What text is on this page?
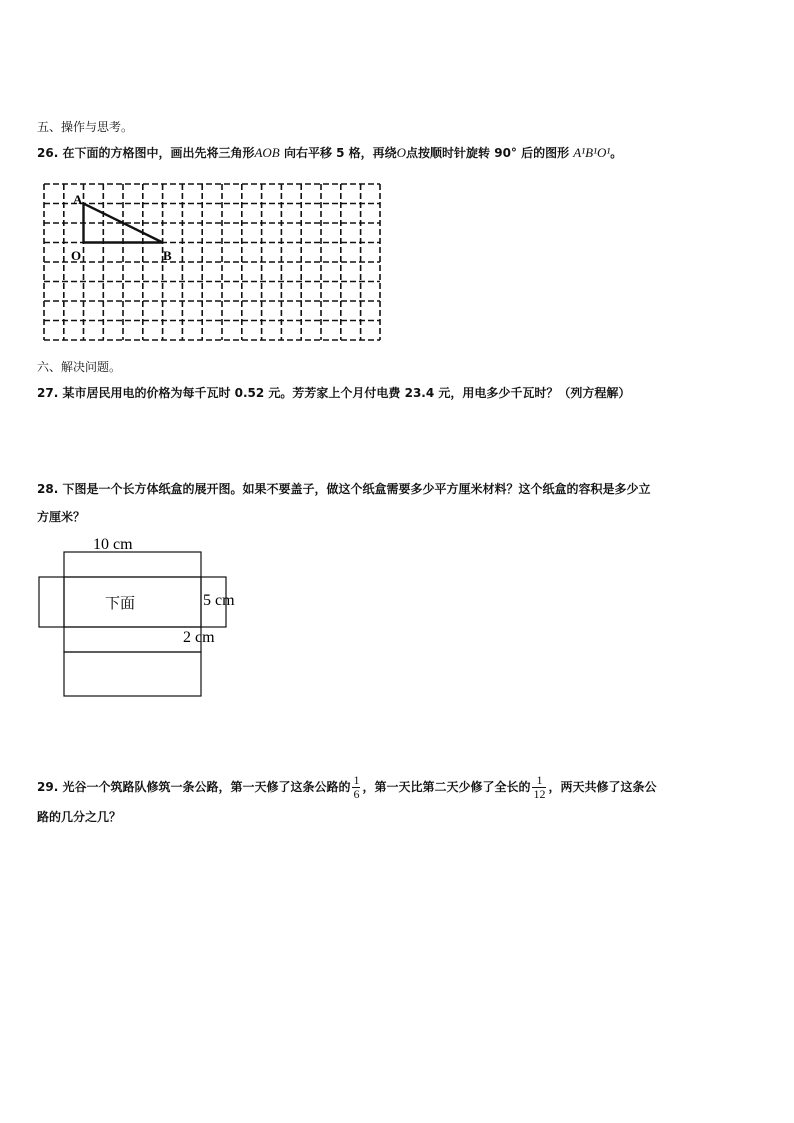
五、操作与思考。
26. 在下面的方格图中，画出先将三角形AOB 向右平移 5 格，再绕O点按顺时针旋转 90° 后的图形 A¹B¹O¹。
A
O	B
六、解决问题。
27. 某市居民用电的价格为每千瓦时 0.52 元。芳芳家上个月付电费 23.4 元，用电多少千瓦时？（列方程解）
28. 下图是一个长方体纸盒的展开图。如果不要盖子，做这个纸盒需要多少平方厘米材料？这个纸盒的容积是多少立
方厘米？
10 cm
下面	5 cm
2 cm
29. 光谷一个筑路队修筑一条公路，第一天修了这条公路的 $\frac{1}{6}$ ，第一天比第二天少修了全长的 $\frac{1}{12}$ ，两天共修了这条公
路的几分之几？
